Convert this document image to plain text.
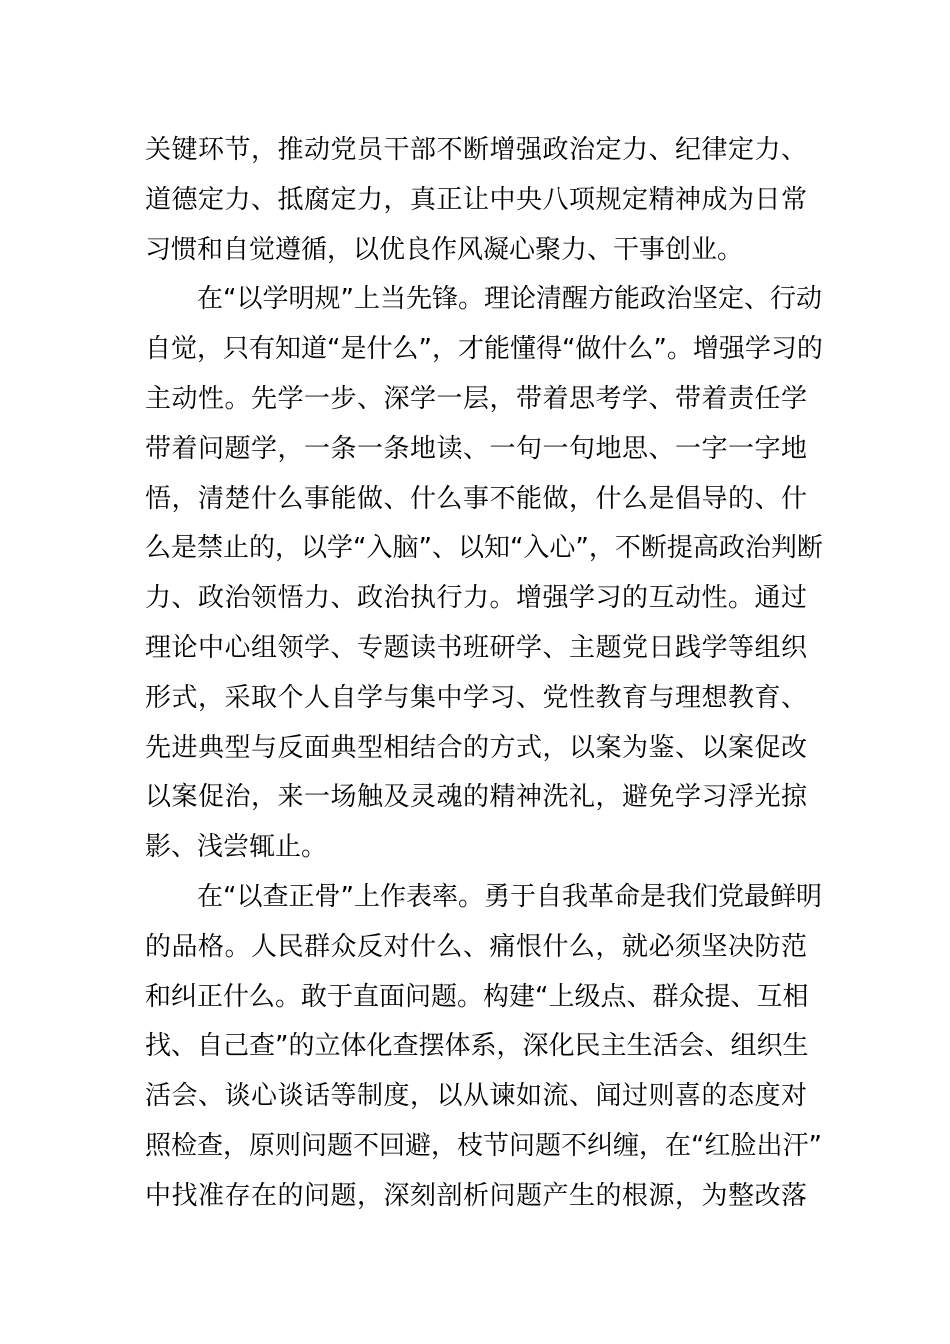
关键环节，推动党员干部不断增强政治定力、纪律定力、
道德定力、抵腐定力，真正让中央八项规定精神成为日常
习惯和自觉遵循，以优良作风凝心聚力、干事创业。
在“以学明规”上当先锋。理论清醒方能政治坚定、行动
自觉，只有知道“是什么”，才能懂得“做什么”。增强学习的
主动性。先学一步、深学一层，带着思考学、带着责任学
带着问题学，一条一条地读、一句一句地思、一字一字地
悟，清楚什么事能做、什么事不能做，什么是倡导的、什
么是禁止的，以学“入脑”、以知“入心”，不断提高政治判断
力、政治领悟力、政治执行力。增强学习的互动性。通过
理论中心组领学、专题读书班研学、主题党日践学等组织
形式，采取个人自学与集中学习、党性教育与理想教育、
先进典型与反面典型相结合的方式，以案为鉴、以案促改
以案促治，来一场触及灵魂的精神洗礼，避免学习浮光掠
影、浅尝辄止。
在“以查正骨”上作表率。勇于自我革命是我们党最鲜明
的品格。人民群众反对什么、痛恨什么，就必须坚决防范
和纠正什么。敢于直面问题。构建“上级点、群众提、互相
找、自己查”的立体化查摆体系，深化民主生活会、组织生
活会、谈心谈话等制度，以从谏如流、闻过则喜的态度对
照检查，原则问题不回避，枝节问题不纠缠，在“红脸出汗”
中找准存在的问题，深刻剖析问题产生的根源，为整改落
